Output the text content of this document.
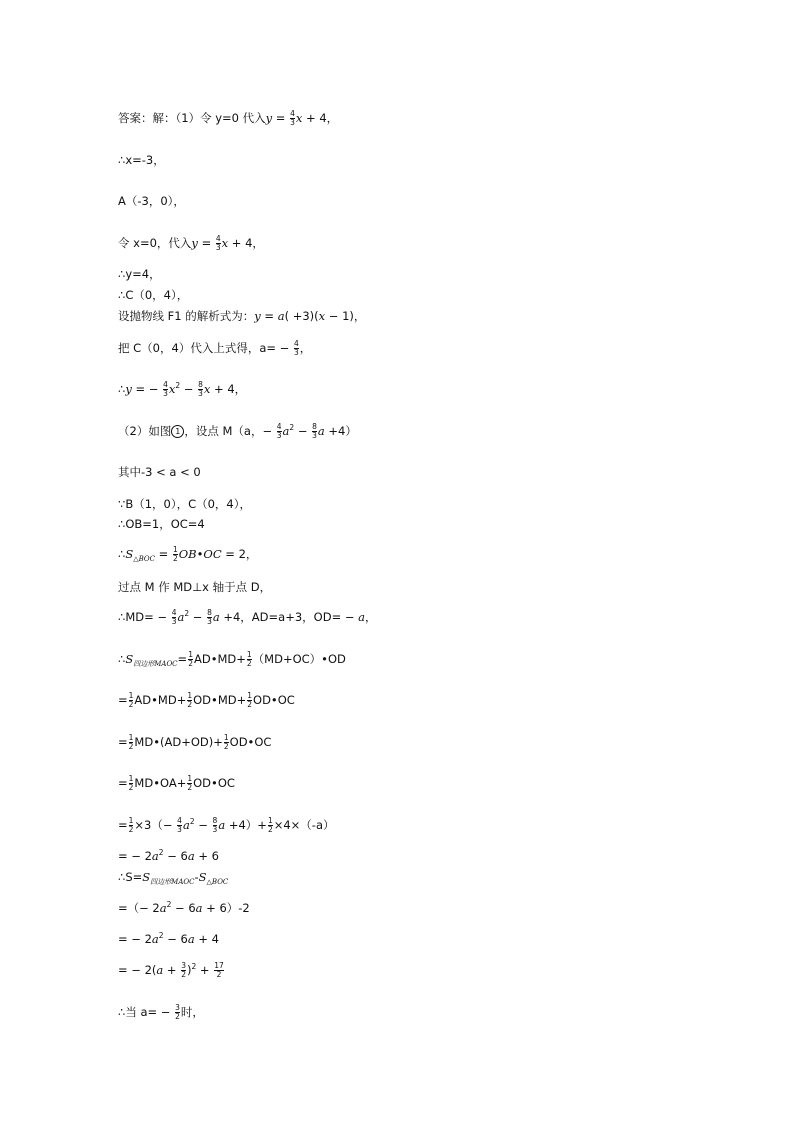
答案：解：（1）令 y=0 代入$y = \frac{4}{3}$ x + 4，
∴x=-3，
A（-3，0），
令 x=0，代入$y = \frac{4}{3}$ x + 4，
∴y=4，
∴C（0，4），
设抛物线 F1 的解析式为：y = a( +3)(x − 1)，
把 C（0，4）代入上式得，$a= - \frac{4}{3}$ ，
∴y = − $\frac{4}{3} x^2 - \frac{8}{3}$ x + 4，
（2）如图 1 ，设点 M（a，− $\frac{4}{3} a^2 - \frac{8}{3}$ a +4）
其中-3 < a < 0
∵B（1，0），C（0，4），
∴OB=1，OC=4
$\therefore S_{\triangle BOC} = \frac{1}{2}$ OB•OC = 2，
过点 M 作 MD⊥x 轴于点 D，
∴MD= − $\frac{4}{3} a^2 - \frac{8}{3}$ a +4，AD=a+3，OD= − a，
$\therefore S_{四边形MAOC}= \frac{1}{2}$ AD•MD+ $\frac{1}{2}$ （MD+OC）•OD
= $\frac{1}{2}$ AD•MD+ $\frac{1}{2}$ OD•MD+ $\frac{1}{2}$ OD•OC
= $\frac{1}{2}$ MD•(AD+OD)+ $\frac{1}{2}$ OD•OC
= $\frac{1}{2}$ MD•OA+ $\frac{1}{2}$ OD•OC
= $\frac{1}{2} \times 3(- \frac{4}{3} a^2 - \frac{8}{3}$ $a +4)+ \frac{1}{2} \times 4\times(-a)$
= − $2a^2 - 6a + 6$
$\therefore S=S_{四边形MAOC}-S_{\triangle BOC}$
=（− $2a^2 - 6a + 6)-2$
= − $2a^2 - 6a + 4$
= − $2(a + \frac{3}{2} )^2 + \frac{17}{2}$
∴当 $a= - \frac{3}{2}$ 时，
